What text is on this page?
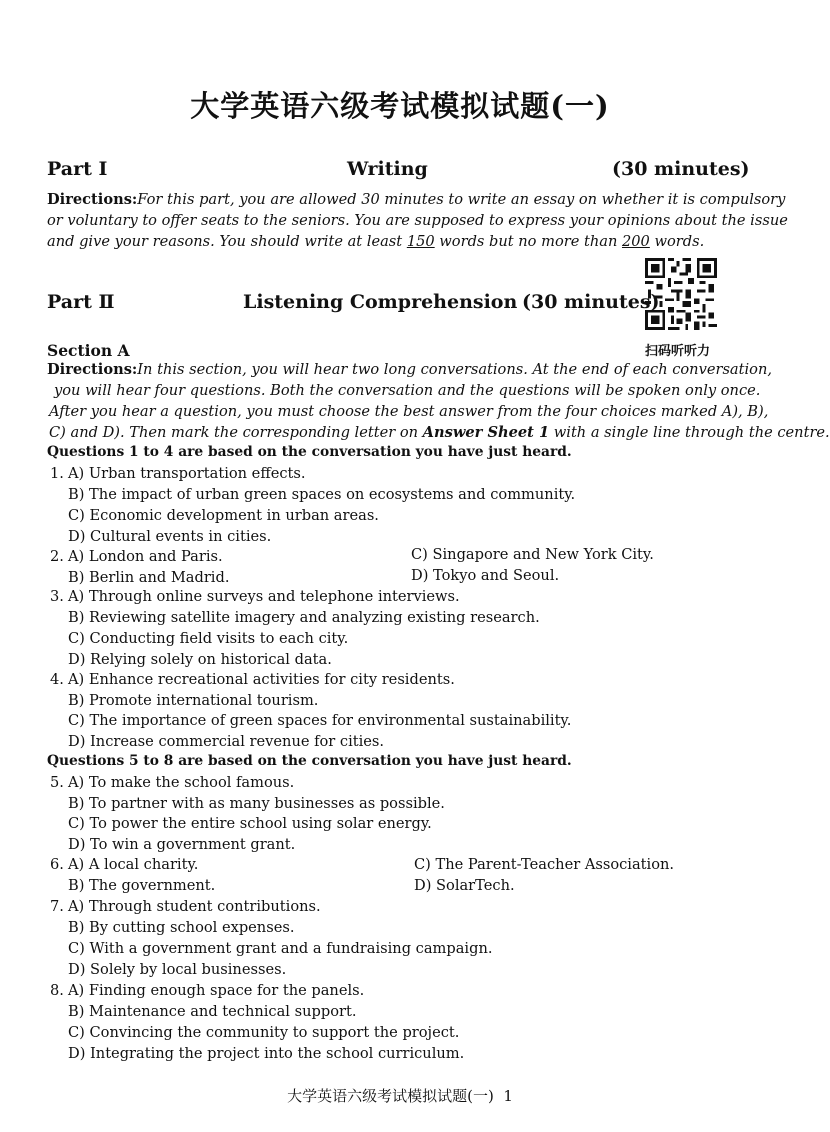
大学英语六级考试模拟试题(一)
Part Ⅰ	Writing	(30 minutes)
Directions:For this part, you are allowed 30 minutes to write an essay on whether it is compulsory
or voluntary to offer seats to the seniors. You are supposed to express your opinions about the issue
and give your reasons. You should write at least 150 words but no more than 200 words.
扫码听听力
Part Ⅱ	Listening Comprehension (30 minutes)
Section A
Directions:In this section, you will hear two long conversations. At the end of each conversation,
you will hear four questions. Both the conversation and the questions will be spoken only once.
After you hear a question, you must choose the best answer from the four choices marked A), B),
C) and D). Then mark the corresponding letter on Answer Sheet 1 with a single line through the centre.
Questions 1 to 4 are based on the conversation you have just heard.
1. A) Urban transportation effects.
B) The impact of urban green spaces on ecosystems and community.
C) Economic development in urban areas.
D) Cultural events in cities.
2. A) London and Paris.
B) Berlin and Madrid.
C) Singapore and New York City.
D) Tokyo and Seoul.
3. A) Through online surveys and telephone interviews.
B) Reviewing satellite imagery and analyzing existing research.
C) Conducting field visits to each city.
D) Relying solely on historical data.
4. A) Enhance recreational activities for city residents.
B) Promote international tourism.
C) The importance of green spaces for environmental sustainability.
D) Increase commercial revenue for cities.
Questions 5 to 8 are based on the conversation you have just heard.
5. A) To make the school famous.
B) To partner with as many businesses as possible.
C) To power the entire school using solar energy.
D) To win a government grant.
6. A) A local charity.
B) The government.
C) The Parent-Teacher Association.
D) SolarTech.
7. A) Through student contributions.
B) By cutting school expenses.
C) With a government grant and a fundraising campaign.
D) Solely by local businesses.
8. A) Finding enough space for the panels.
B) Maintenance and technical support.
C) Convincing the community to support the project.
D) Integrating the project into the school curriculum.
大学英语六级考试模拟试题(一) 1
